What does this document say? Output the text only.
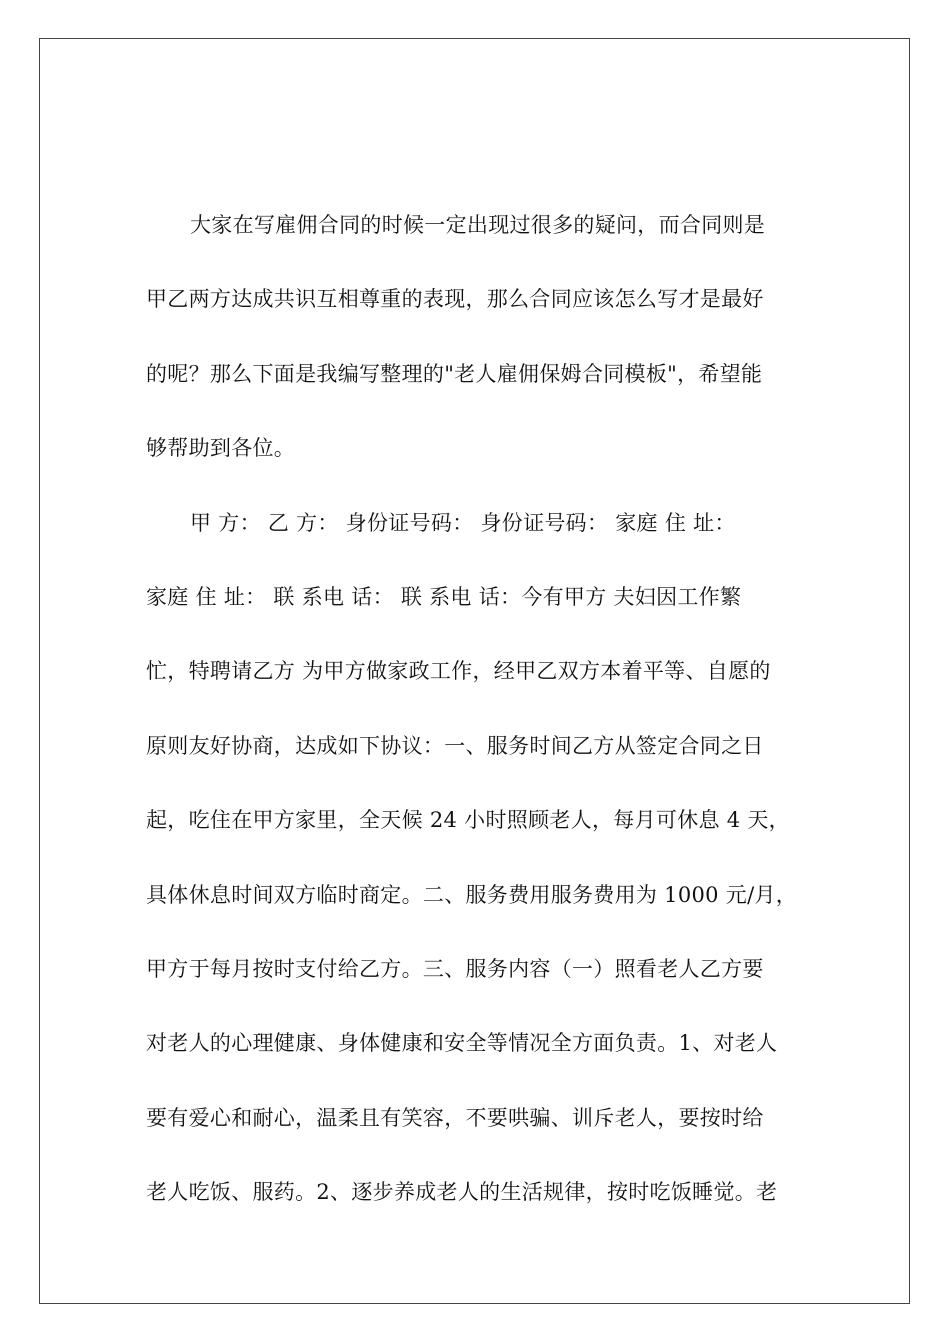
大家在写雇佣合同的时候一定出现过很多的疑问，而合同则是
甲乙两方达成共识互相尊重的表现，那么合同应该怎么写才是最好
的呢？那么下面是我编写整理的"老人雇佣保姆合同模板"，希望能
够帮助到各位。
甲 方： 乙 方： 身份证号码： 身份证号码： 家庭 住 址：
家庭 住 址： 联 系电 话： 联 系电 话：今有甲方 夫妇因工作繁
忙，特聘请乙方 为甲方做家政工作，经甲乙双方本着平等、自愿的
原则友好协商，达成如下协议：一、服务时间乙方从签定合同之日
起，吃住在甲方家里，全天候 24 小时照顾老人，每月可休息 4 天，
具体休息时间双方临时商定。二、服务费用服务费用为 1000 元/月，
甲方于每月按时支付给乙方。三、服务内容（一）照看老人乙方要
对老人的心理健康、身体健康和安全等情况全方面负责。1、对老人
要有爱心和耐心，温柔且有笑容，不要哄骗、训斥老人，要按时给
老人吃饭、服药。2、逐步养成老人的生活规律，按时吃饭睡觉。老
